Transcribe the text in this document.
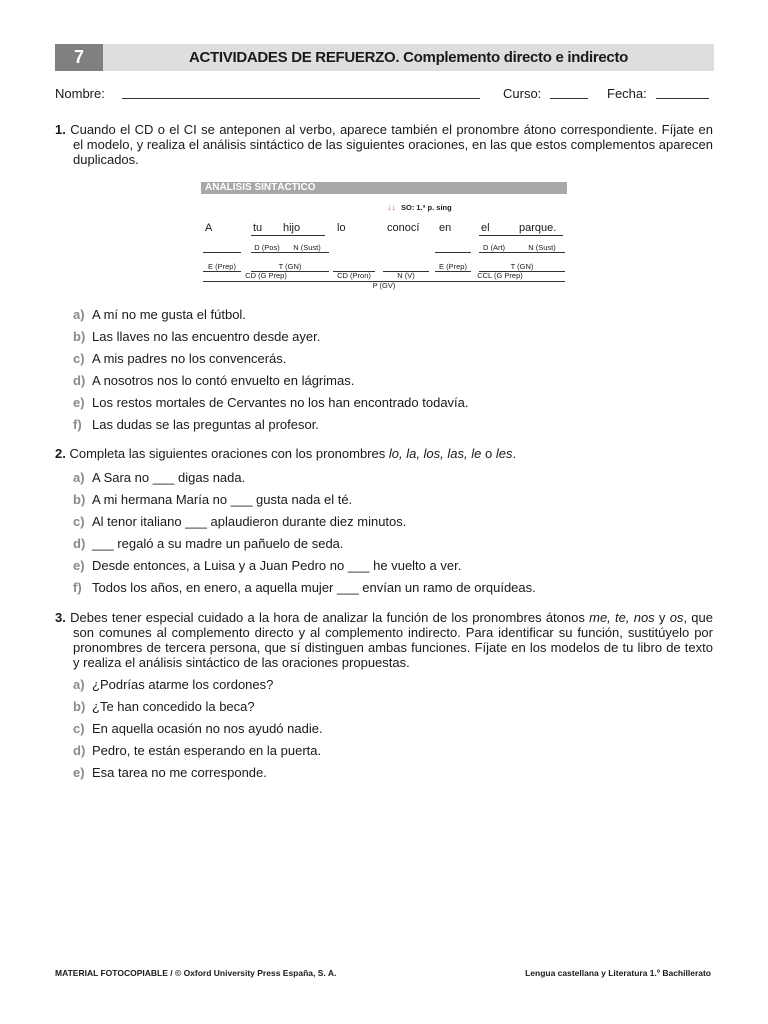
7	ACTIVIDADES DE REFUERZO. Complemento directo e indirecto
Nombre:	Curso:	Fecha:
1. Cuando el CD o el CI se anteponen al verbo, aparece también el pronombre átono correspondiente. Fíjate en el modelo, y realiza el análisis sintáctico de las siguientes oraciones, en las que estos complementos aparecen duplicados.
ANÁLISIS SINTÁCTICO
↓↓ SO: 1.ª p. sing
A	tu hijo	lo	conocí en	el	parque.
D (Pos)	N (Sust)	D (Art)	N (Sust)
E (Prep)	T (GN)	E (Prep)	T (GN)
CD (G Prep)	CD (Pron)	N (V)	CCL (G Prep)
P (GV)
a) A mí no me gusta el fútbol.
b) Las llaves no las encuentro desde ayer.
c) A mis padres no los convencerás.
d) A nosotros nos lo contó envuelto en lágrimas.
e) Los restos mortales de Cervantes no los han encontrado todavía.
f) Las dudas se las preguntas al profesor.
2. Completa las siguientes oraciones con los pronombres lo, la, los, las, le o les.
a) A Sara no ___ digas nada.
b) A mi hermana María no ___ gusta nada el té.
c) Al tenor italiano ___ aplaudieron durante diez minutos.
d) ___ regaló a su madre un pañuelo de seda.
e) Desde entonces, a Luisa y a Juan Pedro no ___ he vuelto a ver.
f) Todos los años, en enero, a aquella mujer ___ envían un ramo de orquídeas.
3. Debes tener especial cuidado a la hora de analizar la función de los pronombres átonos me, te, nos y os, que son comunes al complemento directo y al complemento indirecto. Para identificar su función, sustitúyelo por pronombres de tercera persona, que sí distinguen ambas funciones. Fíjate en los modelos de tu libro de texto y realiza el análisis sintáctico de las oraciones propuestas.
a) ¿Podrías atarme los cordones?
b) ¿Te han concedido la beca?
c) En aquella ocasión no nos ayudó nadie.
d) Pedro, te están esperando en la puerta.
e) Esa tarea no me corresponde.
MATERIAL FOTOCOPIABLE / © Oxford University Press España, S. A.	Lengua castellana y Literatura 1.º Bachillerato
